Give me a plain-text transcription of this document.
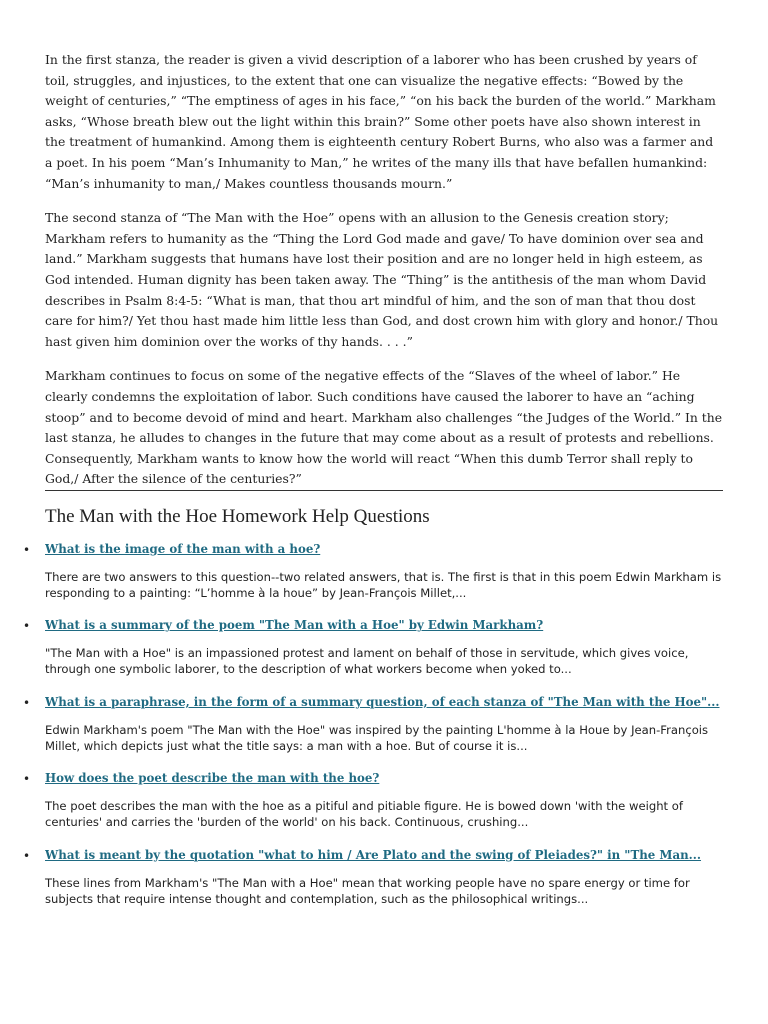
In the first stanza, the reader is given a vivid description of a laborer who has been crushed by years of toil, struggles, and injustices, to the extent that one can visualize the negative effects: “Bowed by the weight of centuries,” “The emptiness of ages in his face,” “on his back the burden of the world.” Markham asks, “Whose breath blew out the light within this brain?” Some other poets have also shown interest in the treatment of humankind. Among them is eighteenth century Robert Burns, who also was a farmer and a poet. In his poem “Man’s Inhumanity to Man,” he writes of the many ills that have befallen humankind: “Man’s inhumanity to man,/ Makes countless thousands mourn.”

The second stanza of “The Man with the Hoe” opens with an allusion to the Genesis creation story; Markham refers to humanity as the “Thing the Lord God made and gave/ To have dominion over sea and land.” Markham suggests that humans have lost their position and are no longer held in high esteem, as God intended. Human dignity has been taken away. The “Thing” is the antithesis of the man whom David describes in Psalm 8:4-5: “What is man, that thou art mindful of him, and the son of man that thou dost care for him?/ Yet thou hast made him little less than God, and dost crown him with glory and honor./ Thou hast given him dominion over the works of thy hands. . . .”

Markham continues to focus on some of the negative effects of the “Slaves of the wheel of labor.” He clearly condemns the exploitation of labor. Such conditions have caused the laborer to have an “aching stoop” and to become devoid of mind and heart. Markham also challenges “the Judges of the World.” In the last stanza, he alludes to changes in the future that may come about as a result of protests and rebellions. Consequently, Markham wants to know how the world will react “When this dumb Terror shall reply to God,/ After the silence of the centuries?”

The Man with the Hoe Homework Help Questions
• What is the image of the man with a hoe?

There are two answers to this question--two related answers, that is. The first is that in this poem Edwin Markham is responding to a painting: “L’homme à la houe” by Jean-François Millet,...

• What is a summary of the poem "The Man with a Hoe" by Edwin Markham?

"The Man with a Hoe" is an impassioned protest and lament on behalf of those in servitude, which gives voice, through one symbolic laborer, to the description of what workers become when yoked to...

• What is a paraphrase, in the form of a summary question, of each stanza of "The Man with the Hoe"...

Edwin Markham's poem "The Man with the Hoe" was inspired by the painting L'homme à la Houe by Jean-François Millet, which depicts just what the title says: a man with a hoe. But of course it is...

• How does the poet describe the man with the hoe?

The poet describes the man with the hoe as a pitiful and pitiable figure. He is bowed down 'with the weight of centuries' and carries the 'burden of the world' on his back. Continuous, crushing...

• What is meant by the quotation "what to him / Are Plato and the swing of Pleiades?" in "The Man...

These lines from Markham's "The Man with a Hoe" mean that working people have no spare energy or time for subjects that require intense thought and contemplation, such as the philosophical writings...
